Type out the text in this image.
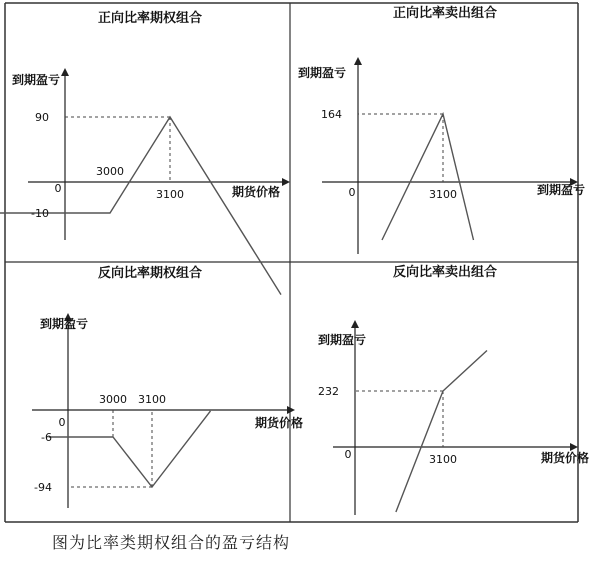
正向比率期权组合
到期盈亏
期货价格
0
3000
3100
90
-10
正向比率卖出组合
到期盈亏
到期盈亏
0	3100
164
反向比率期权组合
到期盈亏
期货价格
0
3000 3100
-6
-94
反向比率卖出组合
到期盈亏
期货价格
0	3100
232
图为比率类期权组合的盈亏结构
